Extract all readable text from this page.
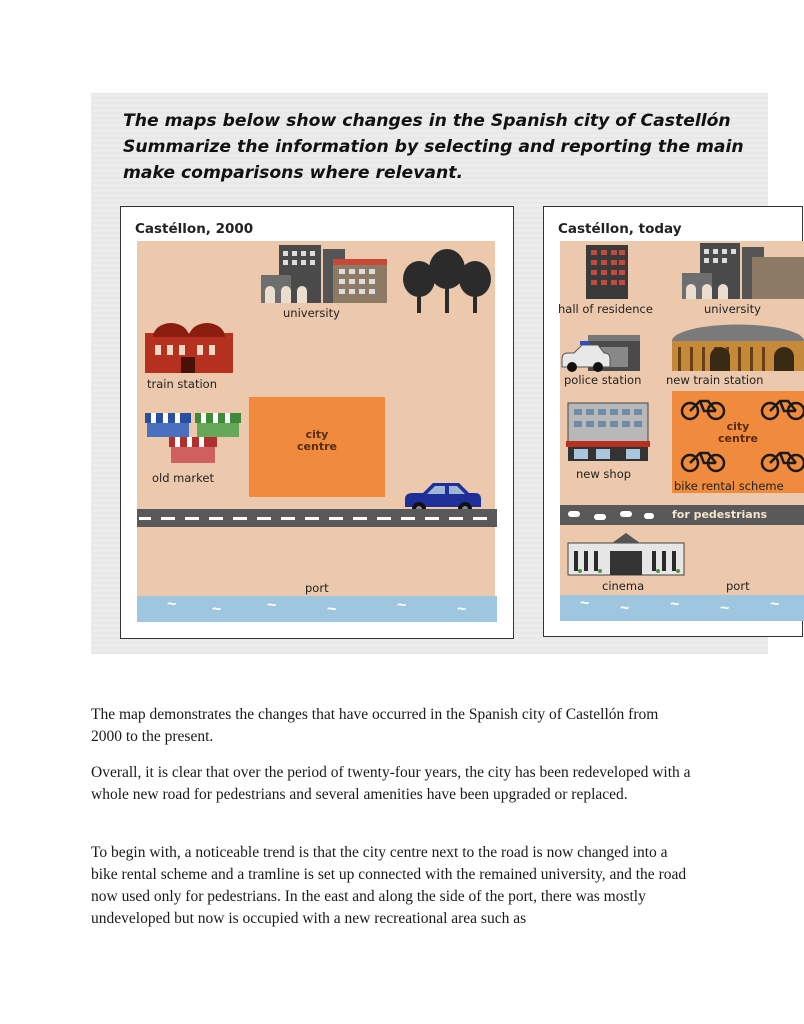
The maps below show changes in the Spanish city of Castellón
Summarize the information by selecting and reporting the main
make comparisons where relevant.
~ ~	~	~	~	~
Castéllon, 2000
university
train station
old market
city
centre
port
~ ~	~	~	~
Castéllon, today
hall of residence	university
police station new train station
new shop
city
centre
bike rental scheme
for pedestrians
cinema	port

The map demonstrates the changes that have occurred in the Spanish city of Castellón from 2000 to the present.

Overall, it is clear that over the period of twenty-four years, the city has been redeveloped with a whole new road for pedestrians and several amenities have been upgraded or replaced.

To begin with, a noticeable trend is that the city centre next to the road is now changed into a bike rental scheme and a tramline is set up connected with the remained university, and the road now used only for pedestrians. In the east and along the side of the port, there was mostly undeveloped but now is occupied with a new recreational area such as
